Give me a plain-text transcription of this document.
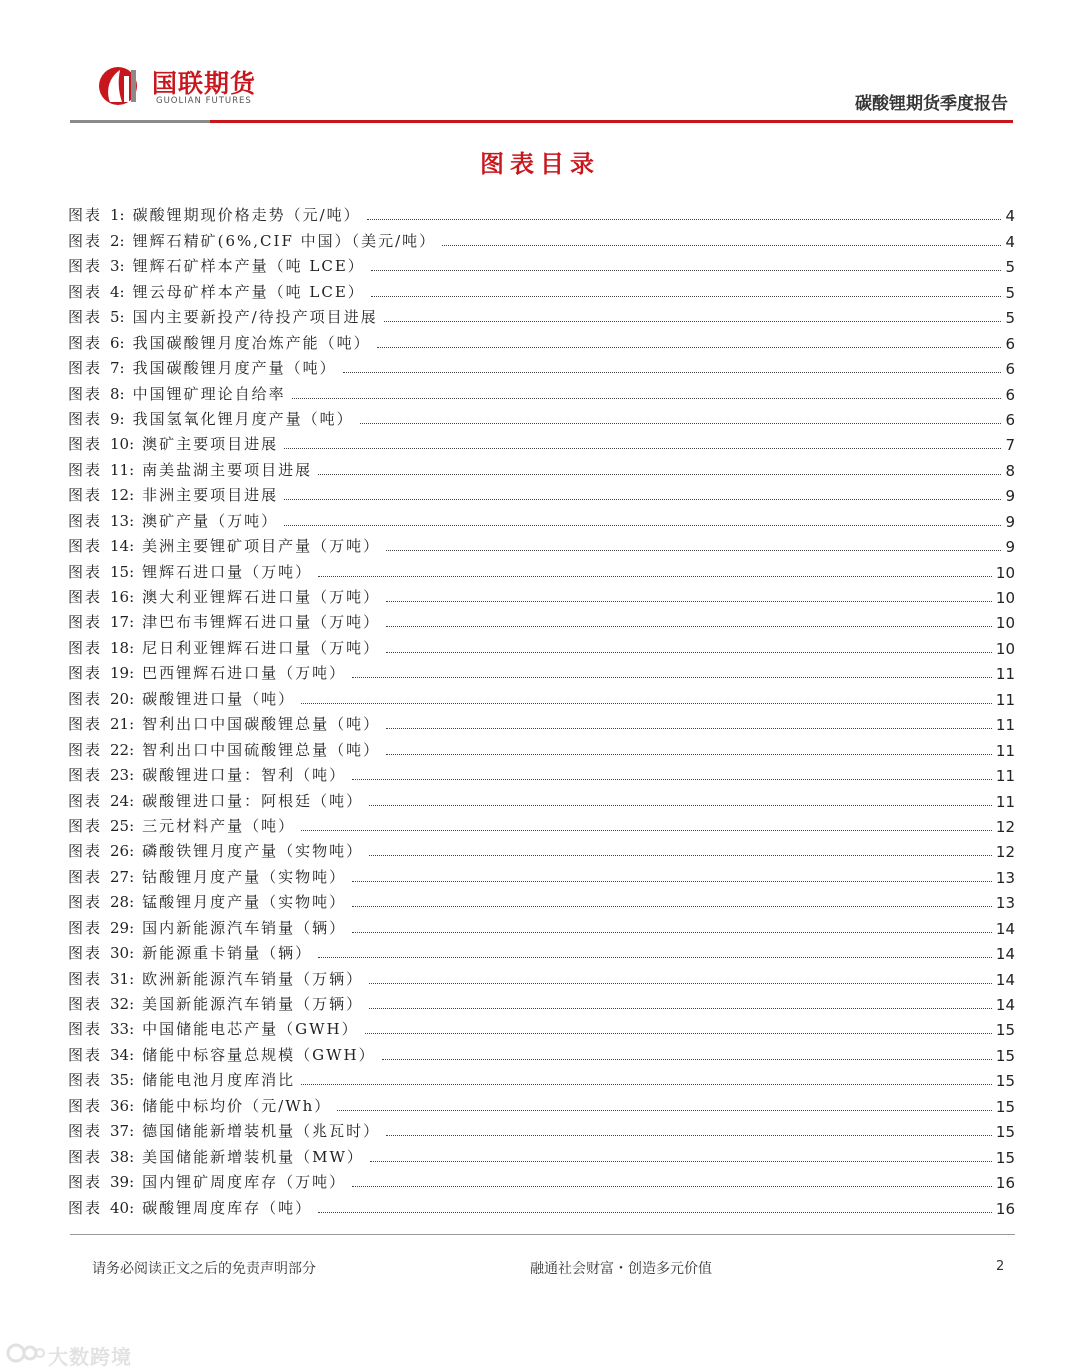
国联期货
GUOLIAN FUTURES	碳酸锂期货季度报告
图表目录
图表 1: 碳酸锂期现价格走势（元/吨）	4
图表 2: 锂辉石精矿(6%,CIF 中国）（美元/吨）	4
图表 3: 锂辉石矿样本产量（吨 LCE）	5
图表 4: 锂云母矿样本产量（吨 LCE）	5
图表 5: 国内主要新投产/待投产项目进展	5
图表 6: 我国碳酸锂月度冶炼产能（吨）	6
图表 7: 我国碳酸锂月度产量（吨）	6
图表 8: 中国锂矿理论自给率	6
图表 9: 我国氢氧化锂月度产量（吨）	6
图表 10: 澳矿主要项目进展	7
图表 11: 南美盐湖主要项目进展	8
图表 12: 非洲主要项目进展	9
图表 13: 澳矿产量（万吨）	9
图表 14: 美洲主要锂矿项目产量（万吨）	9
图表 15: 锂辉石进口量（万吨）	10
图表 16: 澳大利亚锂辉石进口量（万吨）	10
图表 17: 津巴布韦锂辉石进口量（万吨）	10
图表 18: 尼日利亚锂辉石进口量（万吨）	10
图表 19: 巴西锂辉石进口量（万吨）	11
图表 20: 碳酸锂进口量（吨）	11
图表 21: 智利出口中国碳酸锂总量（吨）	11
图表 22: 智利出口中国硫酸锂总量（吨）	11
图表 23: 碳酸锂进口量：智利（吨）	11
图表 24: 碳酸锂进口量：阿根廷（吨）	11
图表 25: 三元材料产量（吨）	12
图表 26: 磷酸铁锂月度产量（实物吨）	12
图表 27: 钴酸锂月度产量（实物吨）	13
图表 28: 锰酸锂月度产量（实物吨）	13
图表 29: 国内新能源汽车销量（辆）	14
图表 30: 新能源重卡销量（辆）	14
图表 31: 欧洲新能源汽车销量（万辆）	14
图表 32: 美国新能源汽车销量（万辆）	14
图表 33: 中国储能电芯产量（GWH）	15
图表 34: 储能中标容量总规模（GWH）	15
图表 35: 储能电池月度库消比	15
图表 36: 储能中标均价（元/Wh）	15
图表 37: 德国储能新增装机量（兆瓦时）	15
图表 38: 美国储能新增装机量（MW）	15
图表 39: 国内锂矿周度库存（万吨）	16
图表 40: 碳酸锂周度库存（吨）	16
请务必阅读正文之后的免责声明部分	融通社会财富・创造多元价值	2
大数跨境
